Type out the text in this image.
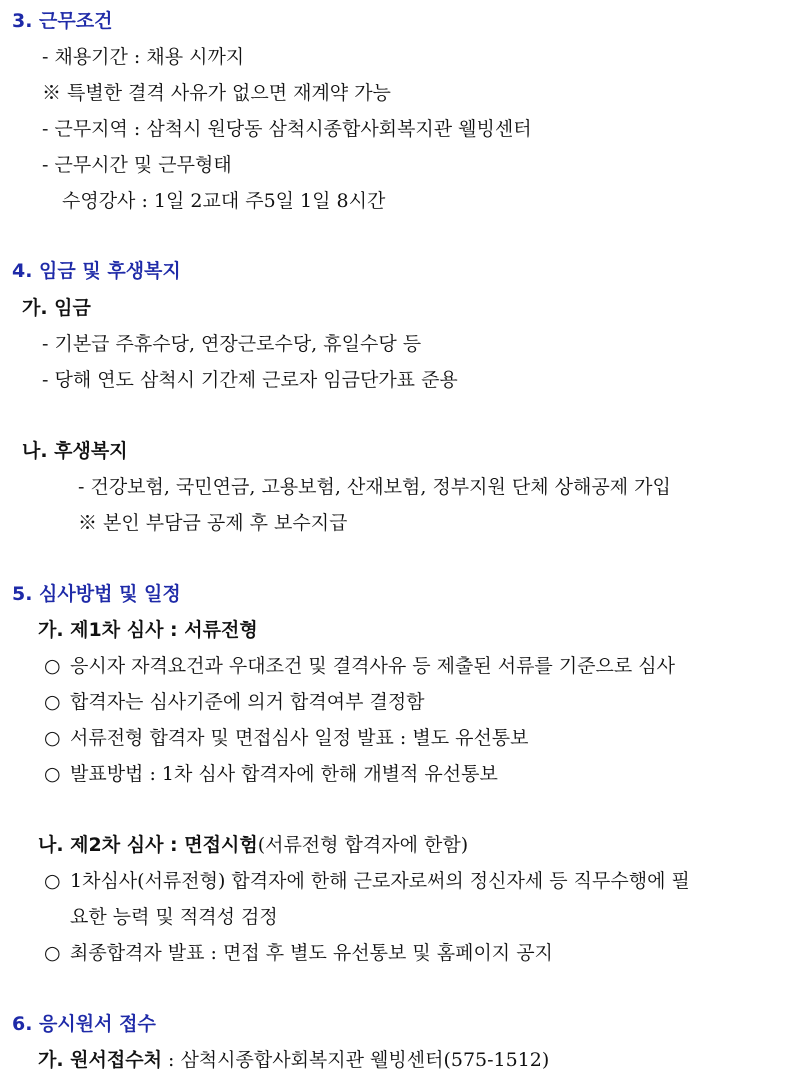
3. 근무조건
- 채용기간 : 채용 시까지
※ 특별한 결격 사유가 없으면 재계약 가능
- 근무지역 : 삼척시 원당동 삼척시종합사회복지관 웰빙센터
- 근무시간 및 근무형태
수영강사 : 1일 2교대 주5일 1일 8시간
4. 임금 및 후생복지
가. 임금
- 기본급 주휴수당, 연장근로수당, 휴일수당 등
- 당해 연도 삼척시 기간제 근로자 임금단가표 준용
나. 후생복지
- 건강보험, 국민연금, 고용보험, 산재보험, 정부지원 단체 상해공제 가입
※ 본인 부담금 공제 후 보수지급
5. 심사방법 및 일정
가. 제1차 심사 : 서류전형
○ 응시자 자격요건과 우대조건 및 결격사유 등 제출된 서류를 기준으로 심사
○ 합격자는 심사기준에 의거 합격여부 결정함
○ 서류전형 합격자 및 면접심사 일정 발표 : 별도 유선통보
○ 발표방법 : 1차 심사 합격자에 한해 개별적 유선통보
나. 제2차 심사 : 면접시험(서류전형 합격자에 한함)
○ 1차심사(서류전형) 합격자에 한해 근로자로써의 정신자세 등 직무수행에 필
요한 능력 및 적격성 검정
○ 최종합격자 발표 : 면접 후 별도 유선통보 및 홈페이지 공지
6. 응시원서 접수
가. 원서접수처 : 삼척시종합사회복지관 웰빙센터(575-1512)
